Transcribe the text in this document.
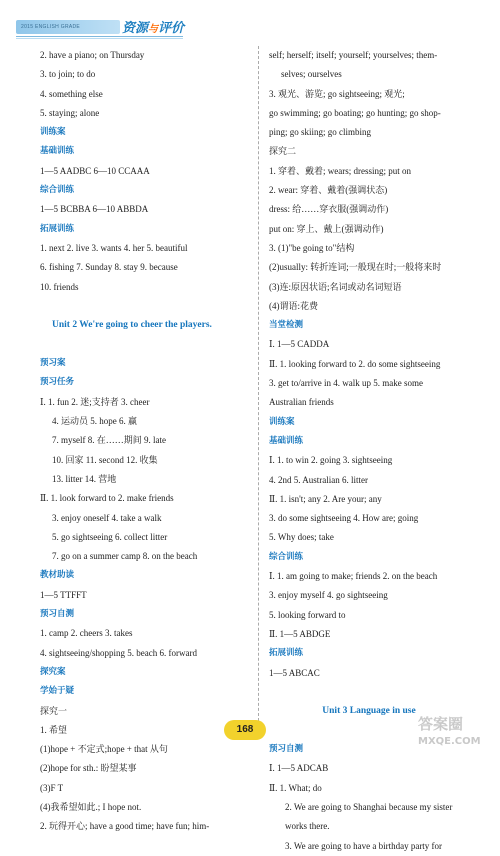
2015 ENGLISH GRADE	资源与评价
2. have a piano; on Thursday
3. to join; to do
4. something else
5. staying; alone
训练案
基础训练
1—5 AADBC 6—10 CCAAA
综合训练
1—5 BCBBA 6—10 ABBDA
拓展训练
1. next 2. live 3. wants 4. her 5. beautiful
6. fishing 7. Sunday 8. stay 9. because
10. friends
Unit 2 We're going to cheer the players.
预习案
预习任务
Ⅰ. 1. fun 2. 迷;支持者 3. cheer
4. 运动员 5. hope 6. 赢
7. myself 8. 在……期间 9. late
10. 回家 11. second 12. 收集
13. litter 14. 营地
Ⅱ. 1. look forward to 2. make friends
3. enjoy oneself 4. take a walk
5. go sightseeing 6. collect litter
7. go on a summer camp 8. on the beach
教材助读
1—5 TTFFT
预习自测
1. camp 2. cheers 3. takes
4. sightseeing/shopping 5. beach 6. forward
探究案
学始于疑
探究一
1. 希望
(1)hope + 不定式;hope + that 从句
(2)hope for sth.: 盼望某事
(3)F T
(4)我希望如此.; I hope not.
2. 玩得开心; have a good time; have fun; him-
self; herself; itself; yourself; yourselves; them-
selves; ourselves
3. 观光、游览; go sightseeing; 观光;
go swimming; go boating; go hunting; go shop-
ping; go skiing; go climbing
探究二
1. 穿着、戴着; wears; dressing; put on
2. wear: 穿着、戴着(强调状态)
dress: 给……穿衣服(强调动作)
put on: 穿上、戴上(强调动作)
3. (1)"be going to"结构
(2)usually: 转折连词;一般现在时;一般将来时
(3)连:原因状语;名词或动名词短语
(4)谓语:花费
当堂检测
Ⅰ. 1—5 CADDA
Ⅱ. 1. looking forward to 2. do some sightseeing
3. get to/arrive in 4. walk up 5. make some
Australian friends
训练案
基础训练
Ⅰ. 1. to win 2. going 3. sightseeing
4. 2nd 5. Australian 6. litter
Ⅱ. 1. isn't; any 2. Are your; any
3. do some sightseeing 4. How are; going
5. Why does; take
综合训练
Ⅰ. 1. am going to make; friends 2. on the beach
3. enjoy myself 4. go sightseeing
5. looking forward to
Ⅱ. 1—5 ABDGE
拓展训练
1—5 ABCAC
Unit 3 Language in use
预习自测
Ⅰ. 1—5 ADCAB
Ⅱ. 1. What; do
2. We are going to Shanghai because my sister
works there.
3. We are going to have a birthday party for
168	答案圈
MXQE.COM
